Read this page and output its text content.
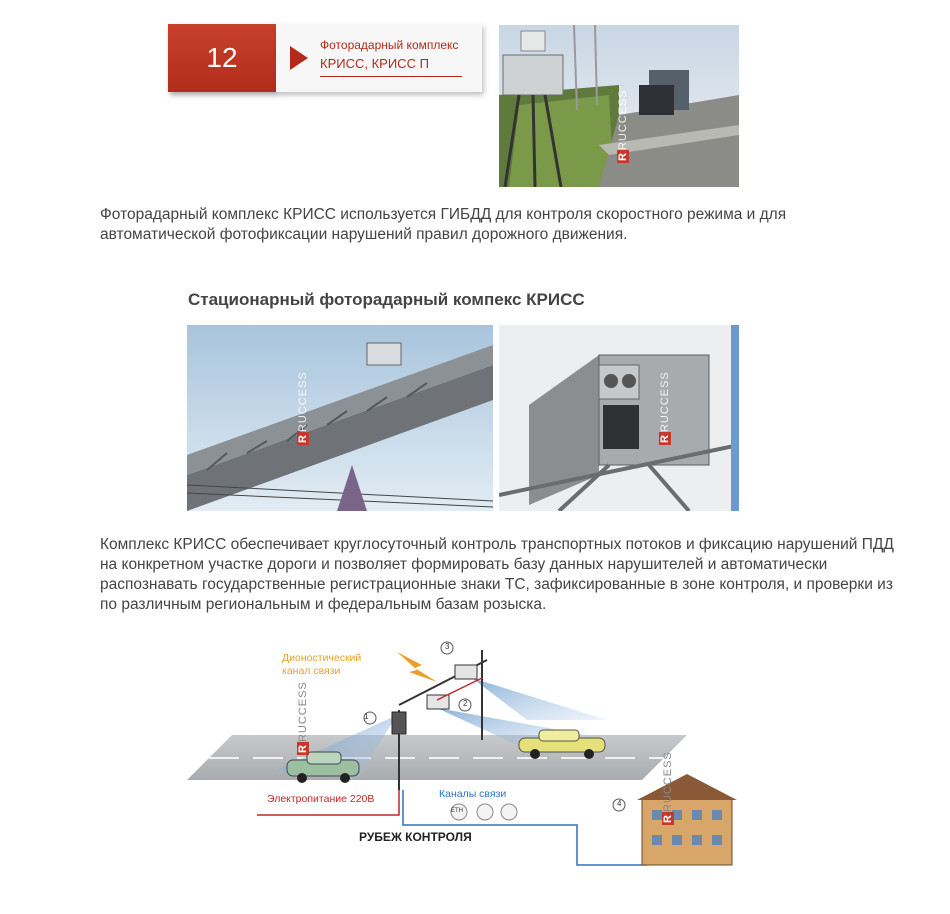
12	Фоторадарный комплекс
КРИСС, КРИСС П
RRUCCESS
Фоторадарный комплекс КРИСС используется ГИБДД для контроля скоростного режима и для автоматической фотофиксации нарушений правил дорожного движения.
Стационарный фоторадарный компекс КРИСС
RRUCCESS
RRUCCESS
Комплекс КРИСС обеспечивает круглосуточный контроль транспортных потоков и фиксацию нарушений ПДД на конкретном участке дороги и позволяет формировать базу данных нарушителей и автоматически распознавать государственные регистрационные знаки ТС, зафиксированные в зоне контроля, и проверки из по различным региональным и федеральным базам розыска.
1
2
3
4
Дионостический
канал связи
Электропитание 220В	Каналы связи
ETH
РУБЕЖ КОНТРОЛЯ
RRUCCESS
RRUCCESS
